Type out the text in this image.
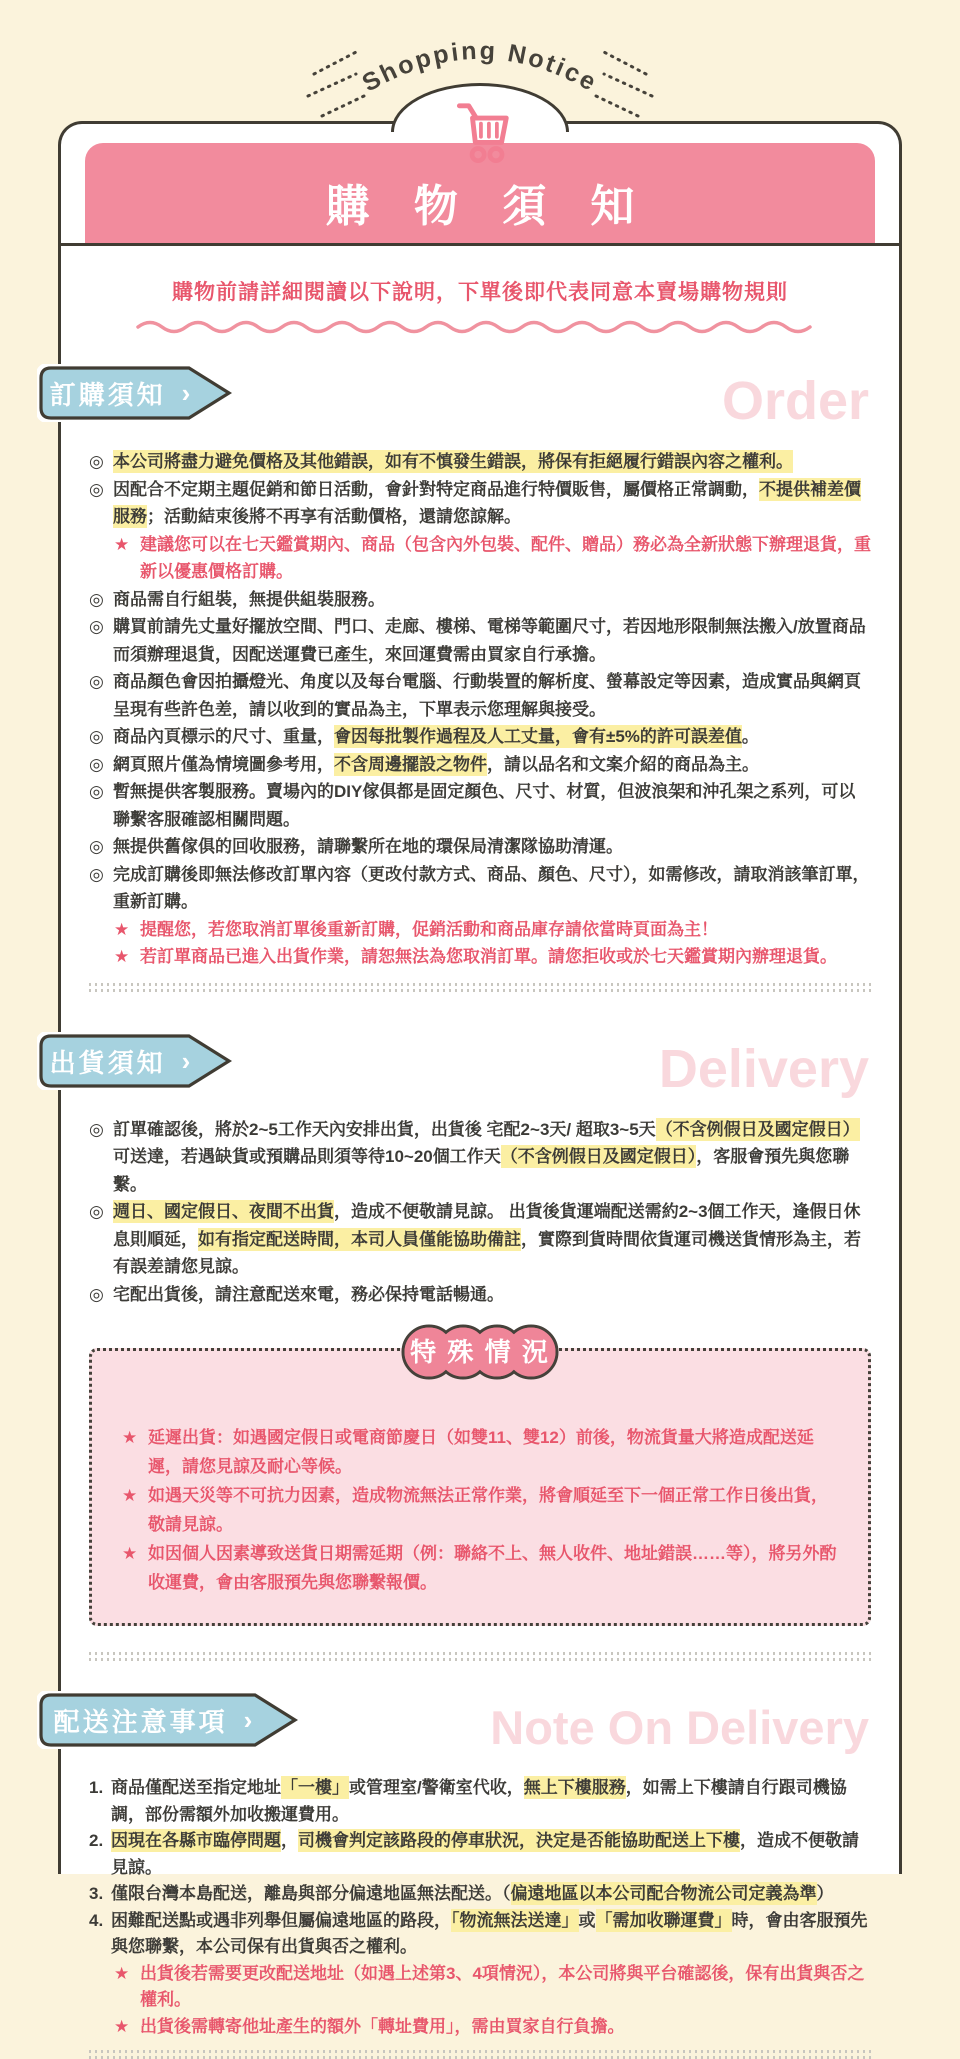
Shopping Notice
購 物 須 知
購物前請詳細閱讀以下說明，下單後即代表同意本賣場購物規則
Order
訂購須知 ›
◎ 本公司將盡力避免價格及其他錯誤，如有不慎發生錯誤，將保有拒絕履行錯誤內容之權利。
◎ 因配合不定期主題促銷和節日活動，會針對特定商品進行特價販售，屬價格正常調動，不提供補差價服務；活動結束後將不再享有活動價格，還請您諒解。
★ 建議您可以在七天鑑賞期內、商品（包含內外包裝、配件、贈品）務必為全新狀態下辦理退貨，重新以優惠價格訂購。
◎ 商品需自行組裝，無提供組裝服務。
◎ 購買前請先丈量好擺放空間、門口、走廊、樓梯、電梯等範圍尺寸，若因地形限制無法搬入/放置商品而須辦理退貨，因配送運費已產生，來回運費需由買家自行承擔。
◎ 商品顏色會因拍攝燈光、角度以及每台電腦、行動裝置的解析度、螢幕設定等因素，造成實品與網頁呈現有些許色差，請以收到的實品為主，下單表示您理解與接受。
◎ 商品內頁標示的尺寸、重量，會因每批製作過程及人工丈量，會有±5%的許可誤差值。
◎ 網頁照片僅為情境圖參考用，不含周邊擺設之物件，請以品名和文案介紹的商品為主。
◎ 暫無提供客製服務。賣場內的DIY傢俱都是固定顏色、尺寸、材質，但波浪架和沖孔架之系列，可以聯繫客服確認相關問題。
◎ 無提供舊傢俱的回收服務，請聯繫所在地的環保局清潔隊協助清運。
◎ 完成訂購後即無法修改訂單內容（更改付款方式、商品、顏色、尺寸），如需修改，請取消該筆訂單，重新訂購。
★ 提醒您，若您取消訂單後重新訂購，促銷活動和商品庫存請依當時頁面為主！
★ 若訂單商品已進入出貨作業，請恕無法為您取消訂單。請您拒收或於七天鑑賞期內辦理退貨。
Delivery
出貨須知 ›
◎ 訂單確認後，將於2~5工作天內安排出貨，出貨後 宅配2~3天/ 超取3~5天（不含例假日及國定假日）可送達，若遇缺貨或預購品則須等待10~20個工作天（不含例假日及國定假日），客服會預先與您聯繫。
◎ 週日、國定假日、夜間不出貨，造成不便敬請見諒。 出貨後貨運端配送需約2~3個工作天，逢假日休息則順延，如有指定配送時間，本司人員僅能協助備註，實際到貨時間依貨運司機送貨情形為主，若有誤差請您見諒。
◎ 宅配出貨後，請注意配送來電，務必保持電話暢通。
特 殊 情 況
★ 延遲出貨：如遇國定假日或電商節慶日（如雙11、雙12）前後，物流貨量大將造成配送延遲，請您見諒及耐心等候。
★ 如遇天災等不可抗力因素，造成物流無法正常作業，將會順延至下一個正常工作日後出貨，敬請見諒。
★ 如因個人因素導致送貨日期需延期（例：聯絡不上、無人收件、地址錯誤……等），將另外酌收運費，會由客服預先與您聯繫報價。
Note On Delivery
配送注意事項 ›
1. 商品僅配送至指定地址「一樓」或管理室/警衛室代收，無上下樓服務，如需上下樓請自行跟司機協調，部份需額外加收搬運費用。
2. 因現在各縣市臨停問題，司機會判定該路段的停車狀況，決定是否能協助配送上下樓，造成不便敬請見諒。
3. 僅限台灣本島配送，離島與部分偏遠地區無法配送。（偏遠地區以本公司配合物流公司定義為準）
4. 困難配送點或遇非列舉但屬偏遠地區的路段，「物流無法送達」或「需加收聯運費」時，會由客服預先與您聯繫，本公司保有出貨與否之權利。
★ 出貨後若需要更改配送地址（如遇上述第3、4項情況），本公司將與平台確認後，保有出貨與否之權利。
★ 出貨後需轉寄他址產生的額外「轉址費用」，需由買家自行負擔。
